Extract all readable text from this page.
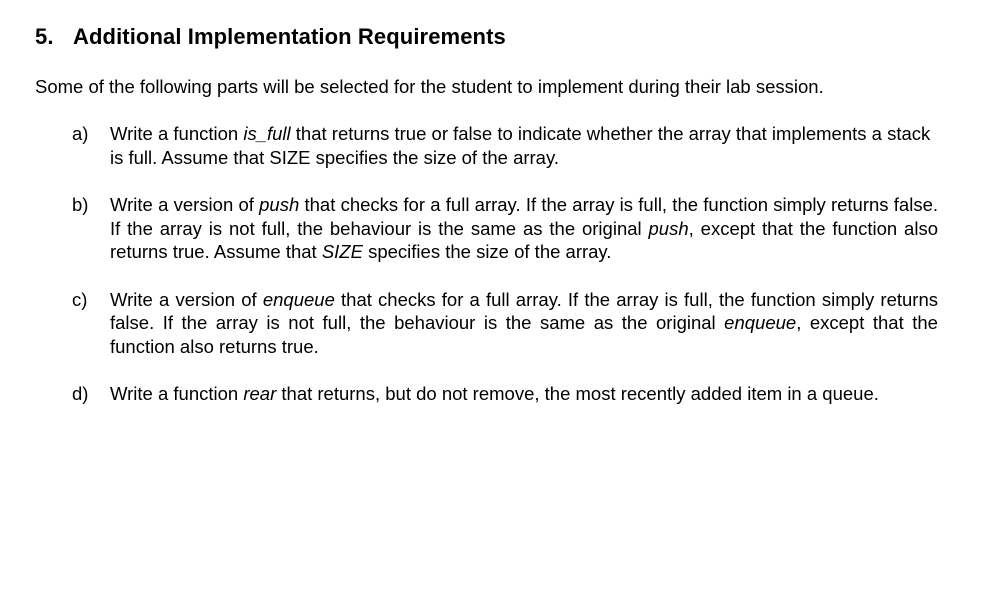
5. Additional Implementation Requirements

Some of the following parts will be selected for the student to implement during their lab session.

a) Write a function is_full that returns true or false to indicate whether the array that implements a stack is full. Assume that SIZE specifies the size of the array.
b) Write a version of push that checks for a full array. If the array is full, the function simply returns false. If the array is not full, the behaviour is the same as the original push, except that the function also returns true. Assume that SIZE specifies the size of the array.
c) Write a version of enqueue that checks for a full array. If the array is full, the function simply returns false. If the array is not full, the behaviour is the same as the original enqueue, except that the function also returns true.
d) Write a function rear that returns, but do not remove, the most recently added item in a queue.
